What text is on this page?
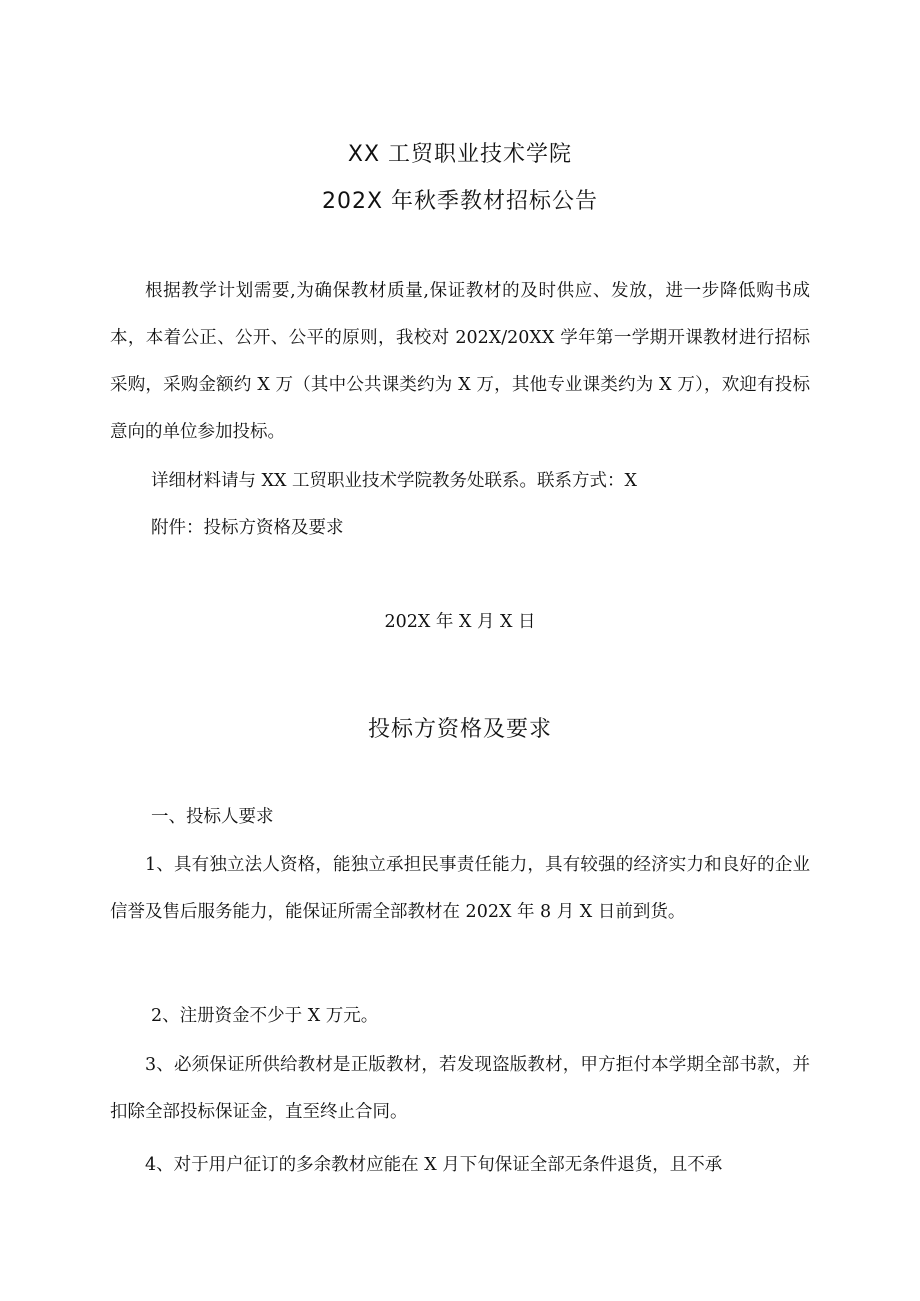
XX 工贸职业技术学院
202X 年秋季教材招标公告

根据教学计划需要,为确保教材质量,保证教材的及时供应、发放，进一步降低购书成本，本着公正、公开、公平的原则，我校对 202X/20XX 学年第一学期开课教材进行招标采购，采购金额约 X 万（其中公共课类约为 X 万，其他专业课类约为 X 万），欢迎有投标意向的单位参加投标。

详细材料请与 XX 工贸职业技术学院教务处联系。联系方式：X
附件：投标方资格及要求
202X 年 X 月 X 日
投标方资格及要求
一、投标人要求

1、具有独立法人资格，能独立承担民事责任能力，具有较强的经济实力和良好的企业信誉及售后服务能力，能保证所需全部教材在 202X 年 8 月 X 日前到货。

2、注册资金不少于 X 万元。

3、必须保证所供给教材是正版教材，若发现盗版教材，甲方拒付本学期全部书款，并扣除全部投标保证金，直至终止合同。

4、对于用户征订的多余教材应能在 X 月下旬保证全部无条件退货，且不承
